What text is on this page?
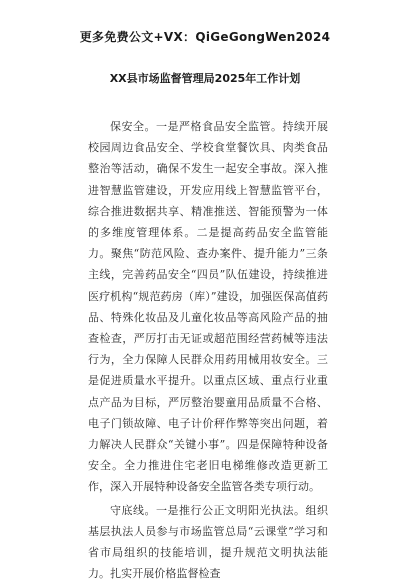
更多免费公文+VX：QiGeGongWen2024
XX县市场监督管理局2025年工作计划

保安全。一是严格食品安全监管。持续开展校园周边食品安全、学校食堂餐饮具、肉类食品整治等活动，确保不发生一起安全事故。深入推进智慧监管建设，开发应用线上智慧监管平台，综合推进数据共享、精准推送、智能预警为一体的多维度管理体系。二是提高药品安全监管能力。聚焦“防范风险、查办案件、提升能力”三条主线，完善药品安全“四员”队伍建设，持续推进医疗机构“规范药房（库）”建设，加强医保高值药品、特殊化妆品及儿童化妆品等高风险产品的抽查检查，严厉打击无证或超范围经营药械等违法行为，全力保障人民群众用药用械用妆安全。三是促进质量水平提升。以重点区域、重点行业重点产品为目标，严厉整治婴童用品质量不合格、电子门锁故障、电子计价秤作弊等突出问题，着力解决人民群众“关键小事”。四是保障特种设备安全。全力推进住宅老旧电梯维修改造更新工作，深入开展特种设备安全监管各类专项行动。

守底线。一是推行公正文明阳光执法。组织基层执法人员参与市场监管总局“云课堂”学习和省市局组织的技能培训，提升规范文明执法能力。扎实开展价格监督检查
